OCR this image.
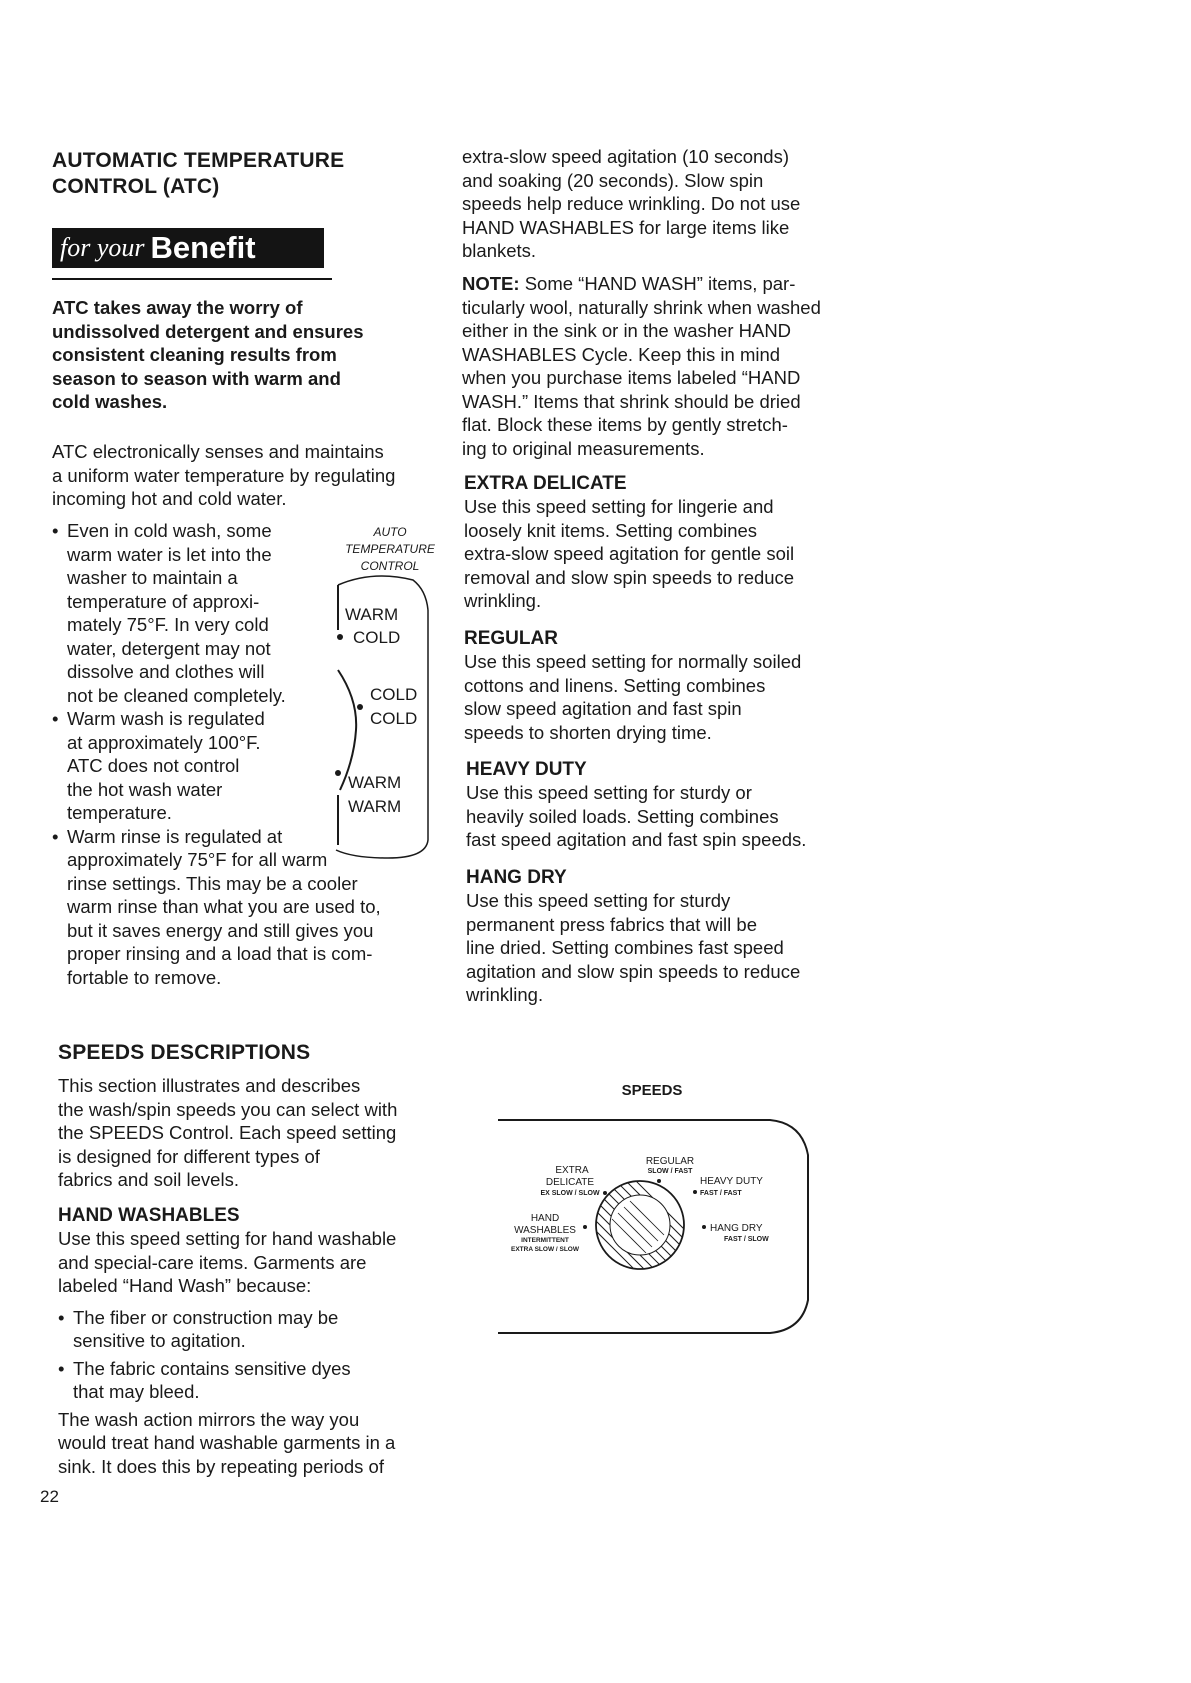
AUTOMATIC TEMPERATURE

CONTROL (ATC)

for your Benefit

ATC takes away the worry of

undissolved detergent and ensures

consistent cleaning results from

season to season with warm and

cold washes.

ATC electronically senses and maintains

a uniform water temperature by regulating

incoming hot and cold water.

• Even in cold wash, some
warm water is let into the
washer to maintain a
temperature of approxi-
mately 75°F. In very cold
water, detergent may not
dissolve and clothes will
not be cleaned completely.
• Warm wash is regulated
at approximately 100°F.
ATC does not control
the hot wash water
temperature.
• Warm rinse is regulated at
approximately 75°F for all warm
rinse settings. This may be a cooler
warm rinse than what you are used to,
but it saves energy and still gives you
proper rinsing and a load that is com-
fortable to remove.
AUTO
TEMPERATURE
CONTROL
WARM
COLD
COLD
COLD
WARM
WARM

SPEEDS DESCRIPTIONS

This section illustrates and describes

the wash/spin speeds you can select with

the SPEEDS Control. Each speed setting

is designed for different types of

fabrics and soil levels.

HAND WASHABLES

Use this speed setting for hand washable

and special-care items. Garments are

labeled “Hand Wash” because:

• The fiber or construction may be
sensitive to agitation.
• The fabric contains sensitive dyes
that may bleed.

The wash action mirrors the way you

would treat hand washable garments in a

sink. It does this by repeating periods of

22

extra-slow speed agitation (10 seconds)

and soaking (20 seconds). Slow spin

speeds help reduce wrinkling. Do not use

HAND WASHABLES for large items like

blankets.

NOTE: Some “HAND WASH” items, par-

ticularly wool, naturally shrink when washed

either in the sink or in the washer HAND

WASHABLES Cycle. Keep this in mind

when you purchase items labeled “HAND

WASH.” Items that shrink should be dried

flat. Block these items by gently stretch-

ing to original measurements.

EXTRA DELICATE

Use this speed setting for lingerie and

loosely knit items. Setting combines

extra-slow speed agitation for gentle soil

removal and slow spin speeds to reduce

wrinkling.

REGULAR

Use this speed setting for normally soiled

cottons and linens. Setting combines

slow speed agitation and fast spin

speeds to shorten drying time.

HEAVY DUTY

Use this speed setting for sturdy or

heavily soiled loads. Setting combines

fast speed agitation and fast spin speeds.

HANG DRY

Use this speed setting for sturdy

permanent press fabrics that will be

line dried. Setting combines fast speed

agitation and slow spin speeds to reduce

wrinkling.

SPEEDS
REGULAR
SLOW / FAST
EXTRA
DELICATE
EX SLOW / SLOW
HEAVY DUTY
FAST / FAST
HAND
WASHABLES
INTERMITTENT
EXTRA SLOW / SLOW
HANG DRY
FAST / SLOW
